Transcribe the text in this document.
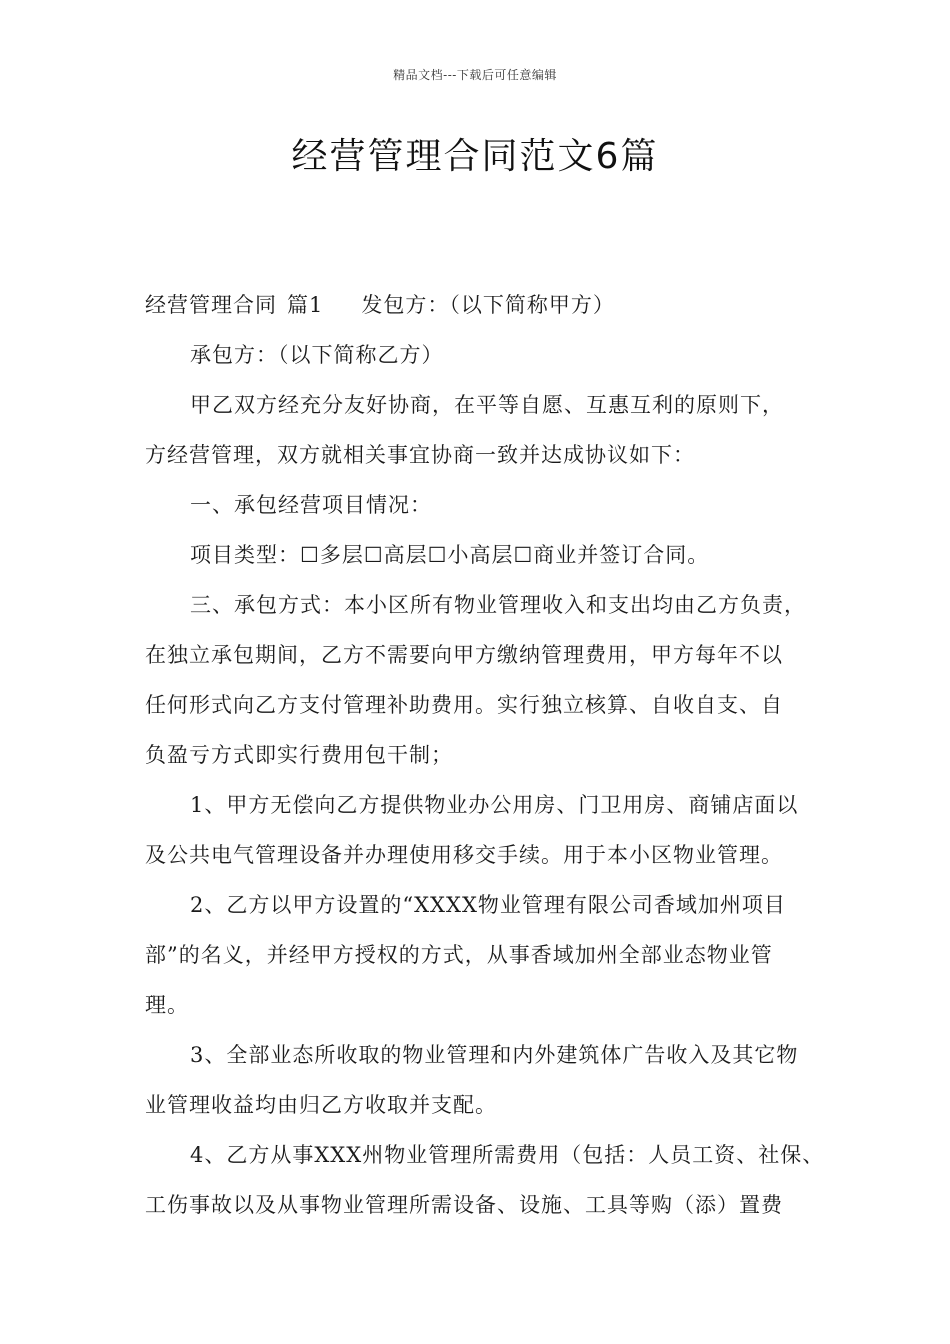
精品文档---下载后可任意编辑
经营管理合同范文6篇

经营管理合同 篇1 发包方：（以下简称甲方）

承包方：（以下简称乙方）

甲乙双方经充分友好协商，在平等自愿、互惠互利的原则下，

方经营管理，双方就相关事宜协商一致并达成协议如下：

一、承包经营项目情况：

项目类型：☐多层☐高层☐小高层☐商业并签订合同。

三、承包方式：本小区所有物业管理收入和支出均由乙方负责，

在独立承包期间，乙方不需要向甲方缴纳管理费用，甲方每年不以

任何形式向乙方支付管理补助费用。实行独立核算、自收自支、自

负盈亏方式即实行费用包干制；

1、甲方无偿向乙方提供物业办公用房、门卫用房、商铺店面以

及公共电气管理设备并办理使用移交手续。用于本小区物业管理。

2、乙方以甲方设置的“XXXX物业管理有限公司香域加州项目

部”的名义，并经甲方授权的方式，从事香域加州全部业态物业管

理。

3、全部业态所收取的物业管理和内外建筑体广告收入及其它物

业管理收益均由归乙方收取并支配。

4、乙方从事XXX州物业管理所需费用（包括：人员工资、社保、

工伤事故以及从事物业管理所需设备、设施、工具等购（添）置费
